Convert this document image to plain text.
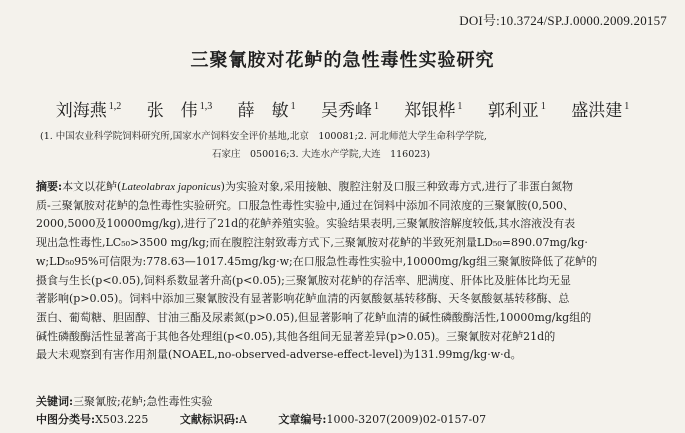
DOI号:10.3724/SP.J.0000.2009.20157
三聚氰胺对花鲈的急性毒性实验研究
刘海燕 $^{1,2}$ 张　伟 $^{1,3}$ 薛　敏 $^1$ 吴秀峰 $^1$ 郑银桦 $^1$ 郭利亚 $^1$ 盛洪建 $^1$
(1. 中国农业科学院饲料研究所,国家水产饲料安全评价基地,北京　100081;2. 河北师范大学生命科学学院,
石家庄　050016;3. 大连水产学院,大连　116023)
摘要:本文以花鲈(Lateolabrax japonicus)为实验对象,采用接触、腹腔注射及口服三种致毒方式,进行了非蛋白氮物
质-三聚氰胺对花鲈的急性毒性实验研究。口服急性毒性实验中,通过在饲料中添加不同浓度的三聚氰胺(0,500、
2000,5000及10000mg/kg),进行了21d的花鲈养殖实验。实验结果表明,三聚氰胺溶解度较低,其水溶液没有表
现出急性毒性,LC₅₀>3500 mg/kg;而在腹腔注射致毒方式下,三聚氰胺对花鲈的半致死剂量LD₅₀=890.07mg/kg·
w;LD₅₀95%可信限为:778.63—1017.45mg/kg·w;在口服急性毒性实验中,10000mg/kg组三聚氰胺降低了花鲈的
摄食与生长(p<0.05),饲料系数显著升高(p<0.05);三聚氰胺对花鲈的存活率、肥满度、肝体比及脏体比均无显
著影响(p>0.05)。饲料中添加三聚氰胺没有显著影响花鲈血清的丙氨酸氨基转移酶、天冬氨酸氨基转移酶、总
蛋白、葡萄糖、胆固醇、甘油三酯及尿素氮(p>0.05),但显著影响了花鲈血清的碱性磷酸酶活性,10000mg/kg组的
碱性磷酸酶活性显著高于其他各处理组(p<0.05),其他各组间无显著差异(p>0.05)。三聚氰胺对花鲈21d的
最大未观察到有害作用剂量(NOAEL,no-observed-adverse-effect-level)为131.99mg/kg·w·d。
关键词:三聚氰胺;花鲈;急性毒性实验
中图分类号:X503.225	文献标识码:A	文章编号:1000-3207(2009)02-0157-07
